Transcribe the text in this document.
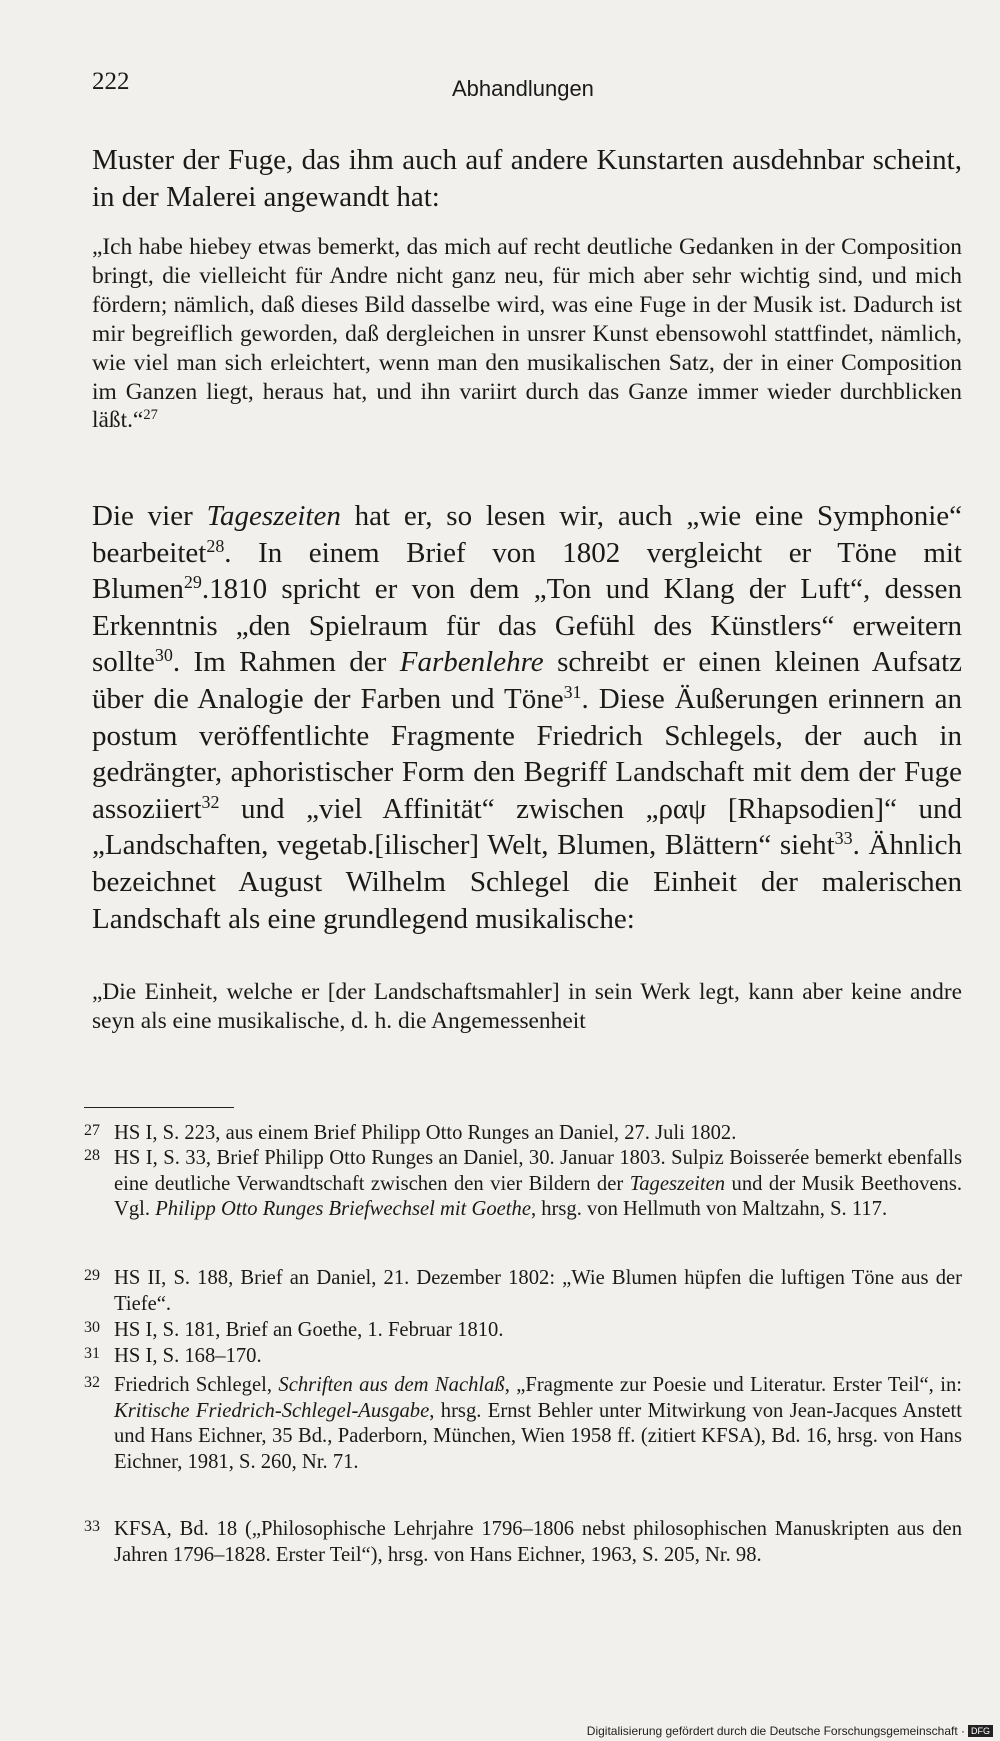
222	Abhandlungen

Muster der Fuge, das ihm auch auf andere Kunstarten ausdehnbar scheint, in der Malerei angewandt hat:

„Ich habe hiebey etwas bemerkt, das mich auf recht deutliche Gedanken in der Composition bringt, die vielleicht für Andre nicht ganz neu, für mich aber sehr wichtig sind, und mich fördern; nämlich, daß dieses Bild dasselbe wird, was eine Fuge in der Musik ist. Dadurch ist mir begreiflich geworden, daß dergleichen in unsrer Kunst ebensowohl stattfindet, nämlich, wie viel man sich erleichtert, wenn man den musikalischen Satz, der in einer Composition im Ganzen liegt, heraus hat, und ihn variirt durch das Ganze immer wieder durchblicken läßt.“$^{27}$

Die vier Tageszeiten hat er, so lesen wir, auch „wie eine Symphonie“ bearbeitet$^{28}$. In einem Brief von 1802 vergleicht er Töne mit Blumen$^{29}$.1810 spricht er von dem „Ton und Klang der Luft“, dessen Erkenntnis „den Spielraum für das Gefühl des Künstlers“ erweitern sollte$^{30}$. Im Rahmen der Farbenlehre schreibt er einen kleinen Aufsatz über die Analogie der Farben und Töne$^{31}$. Diese Äußerungen erinnern an postum veröffentlichte Fragmente Friedrich Schlegels, der auch in gedrängter, aphoristischer Form den Begriff Landschaft mit dem der Fuge assoziiert$^{32}$ und „viel Affinität“ zwischen „ραψ [Rhapsodien]“ und „Landschaften, vegetab.[ilischer] Welt, Blumen, Blättern“ sieht$^{33}$. Ähnlich bezeichnet August Wilhelm Schlegel die Einheit der malerischen Landschaft als eine grundlegend musikalische:

„Die Einheit, welche er [der Landschaftsmahler] in sein Werk legt, kann aber keine andre seyn als eine musikalische, d. h. die Angemessenheit

27 HS I, S. 223, aus einem Brief Philipp Otto Runges an Daniel, 27. Juli 1802.

28 HS I, S. 33, Brief Philipp Otto Runges an Daniel, 30. Januar 1803. Sulpiz Boisserée bemerkt ebenfalls eine deutliche Verwandtschaft zwischen den vier Bildern der Tageszeiten und der Musik Beethovens. Vgl. Philipp Otto Runges Briefwechsel mit Goethe, hrsg. von Hellmuth von Maltzahn, S. 117.

29 HS II, S. 188, Brief an Daniel, 21. Dezember 1802: „Wie Blumen hüpfen die luftigen Töne aus der Tiefe“.

30 HS I, S. 181, Brief an Goethe, 1. Februar 1810.

31 HS I, S. 168–170.

32 Friedrich Schlegel, Schriften aus dem Nachlaß, „Fragmente zur Poesie und Literatur. Erster Teil“, in: Kritische Friedrich-Schlegel-Ausgabe, hrsg. Ernst Behler unter Mitwirkung von Jean-Jacques Anstett und Hans Eichner, 35 Bd., Paderborn, München, Wien 1958 ff. (zitiert KFSA), Bd. 16, hrsg. von Hans Eichner, 1981, S. 260, Nr. 71.

33 KFSA, Bd. 18 („Philosophische Lehrjahre 1796–1806 nebst philosophischen Manuskripten aus den Jahren 1796–1828. Erster Teil“), hrsg. von Hans Eichner, 1963, S. 205, Nr. 98.

Digitalisierung gefördert durch die Deutsche Forschungsgemeinschaft · DFG
